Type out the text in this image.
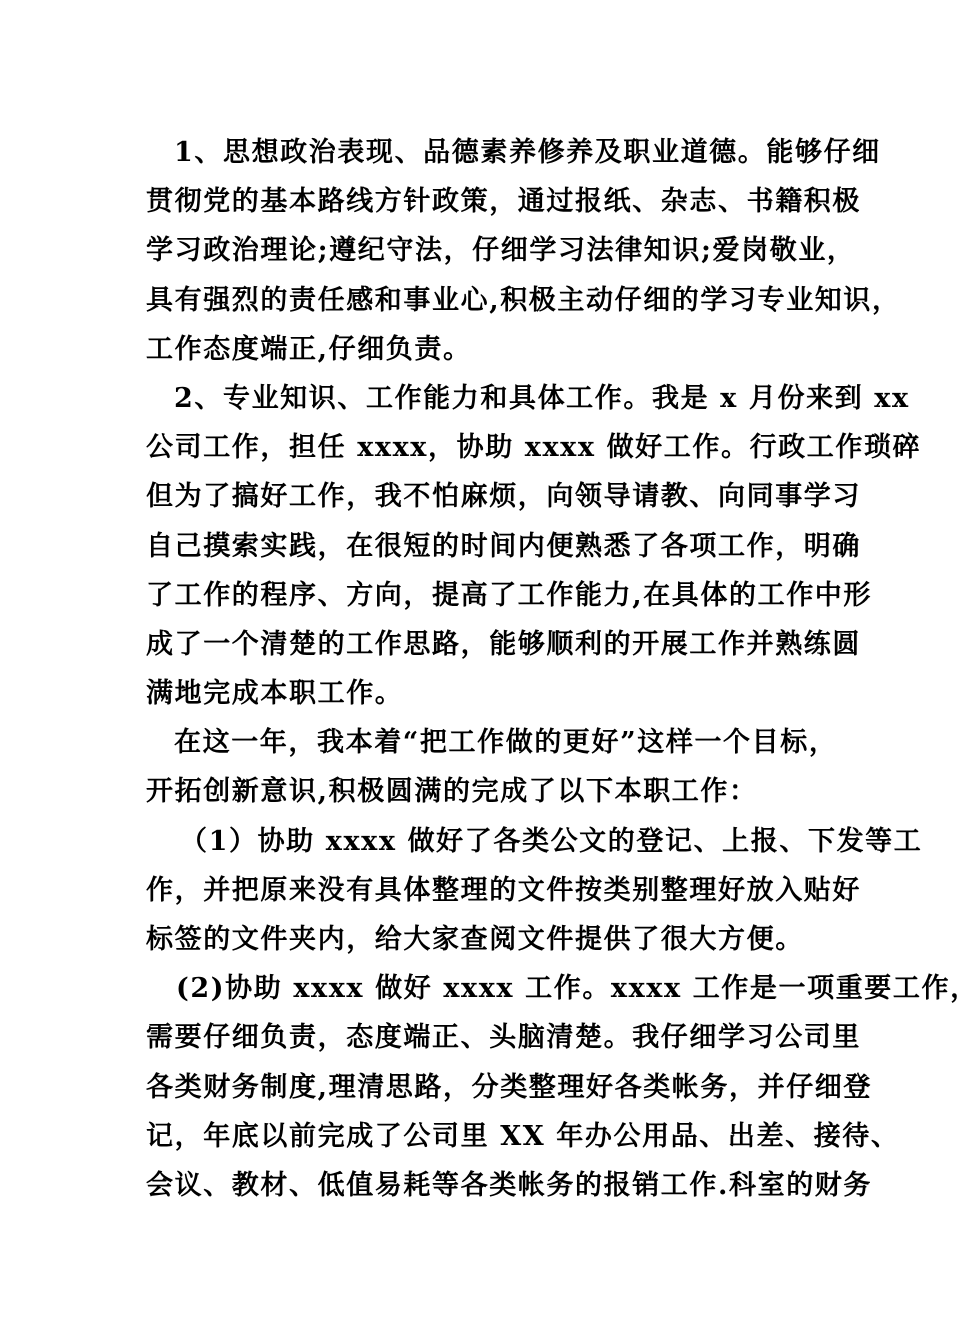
1、思想政治表现、品德素养修养及职业道德。能够仔细
贯彻党的基本路线方针政策，通过报纸、杂志、书籍积极
学习政治理论;遵纪守法，仔细学习法律知识;爱岗敬业，
具有强烈的责任感和事业心,积极主动仔细的学习专业知识，
工作态度端正,仔细负责。
2、专业知识、工作能力和具体工作。我是 x 月份来到 xx
公司工作，担任 xxxx，协助 xxxx 做好工作。行政工作琐碎
但为了搞好工作，我不怕麻烦，向领导请教、向同事学习
自己摸索实践，在很短的时间内便熟悉了各项工作，明确
了工作的程序、方向，提高了工作能力,在具体的工作中形
成了一个清楚的工作思路，能够顺利的开展工作并熟练圆
满地完成本职工作。
在这一年，我本着“把工作做的更好”这样一个目标，
开拓创新意识,积极圆满的完成了以下本职工作：
（1）协助 xxxx 做好了各类公文的登记、上报、下发等工
作，并把原来没有具体整理的文件按类别整理好放入贴好
标签的文件夹内，给大家查阅文件提供了很大方便。
(2)协助 xxxx 做好 xxxx 工作。xxxx 工作是一项重要工作，
需要仔细负责，态度端正、头脑清楚。我仔细学习公司里
各类财务制度,理清思路，分类整理好各类帐务，并仔细登
记，年底以前完成了公司里 XX 年办公用品、出差、接待、
会议、教材、低值易耗等各类帐务的报销工作.科室的财务
